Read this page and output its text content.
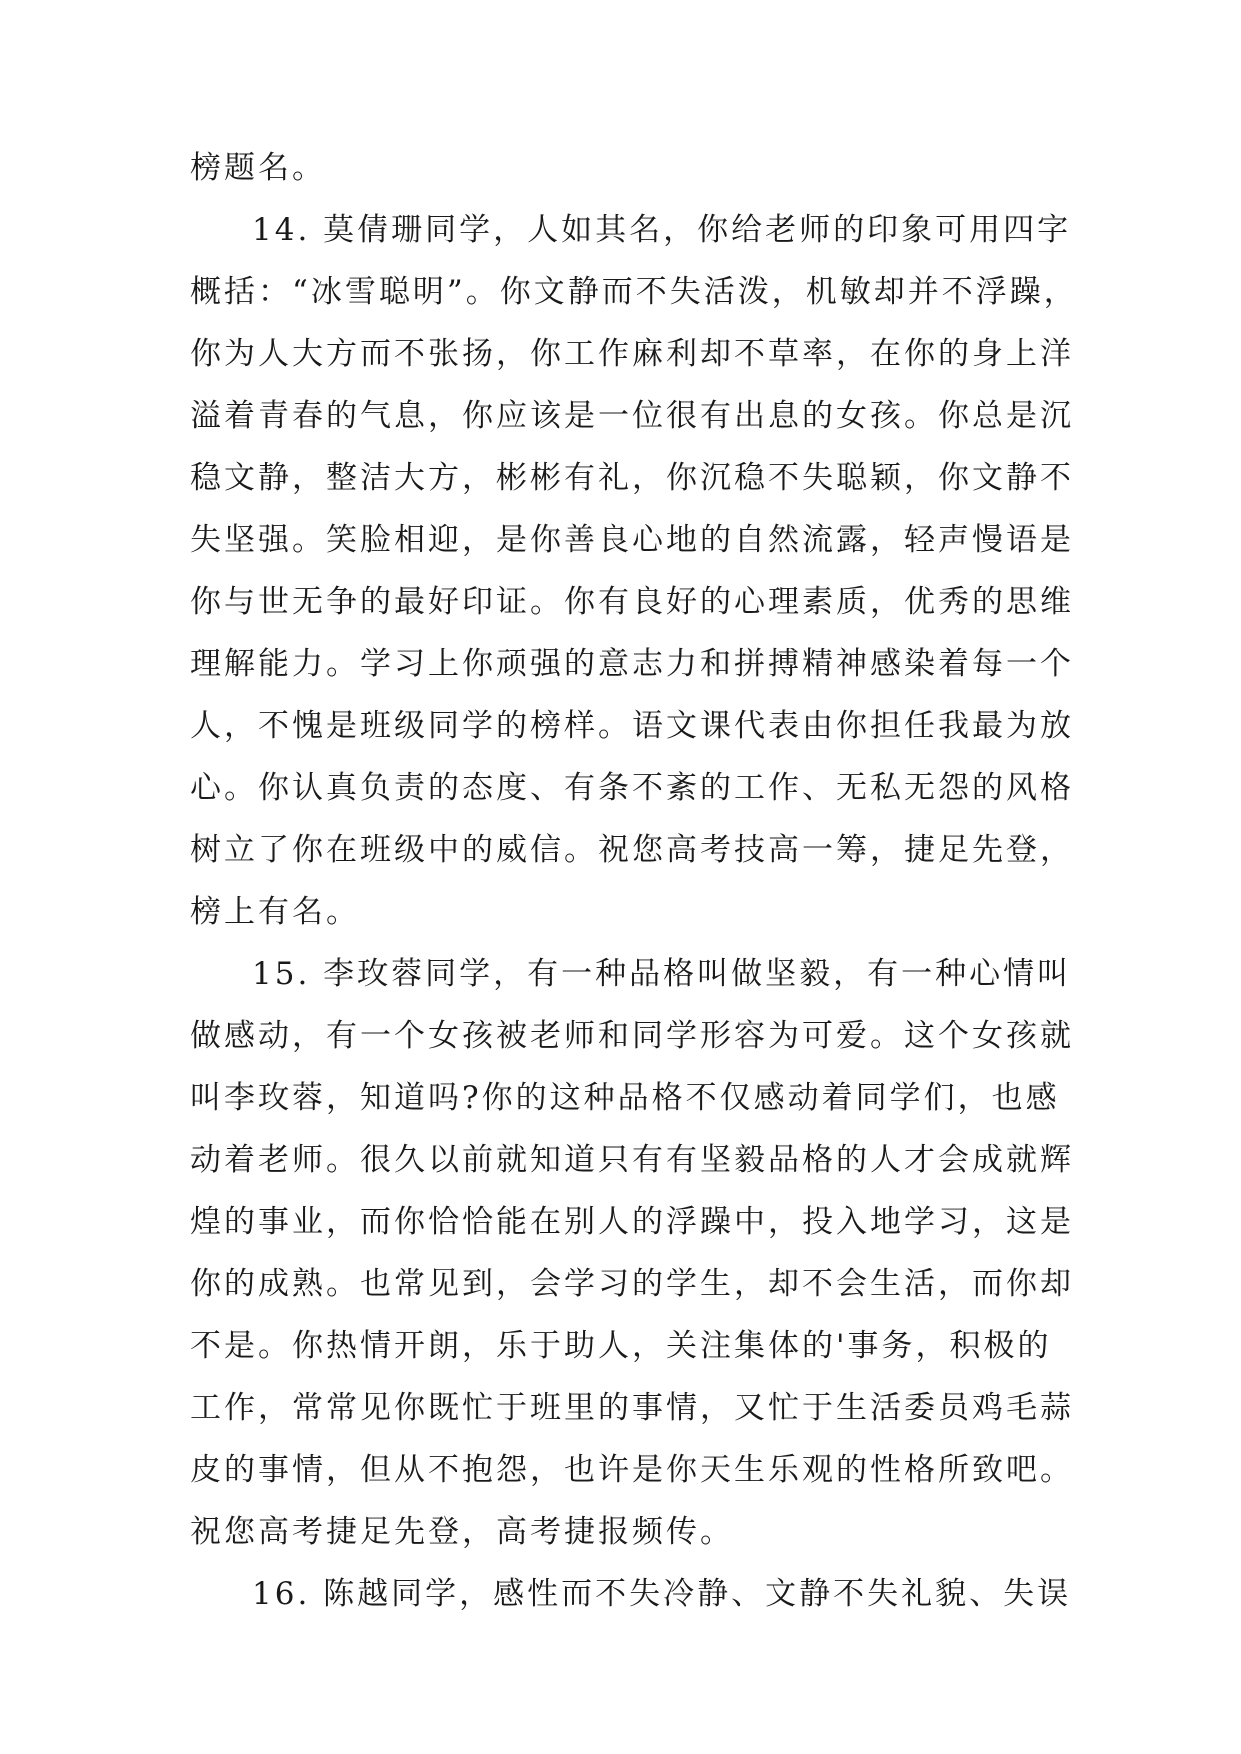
榜题名。
14. 莫倩珊同学，人如其名，你给老师的印象可用四字
概括：“冰雪聪明”。你文静而不失活泼，机敏却并不浮躁，
你为人大方而不张扬，你工作麻利却不草率，在你的身上洋
溢着青春的气息，你应该是一位很有出息的女孩。你总是沉
稳文静，整洁大方，彬彬有礼，你沉稳不失聪颖，你文静不
失坚强。笑脸相迎，是你善良心地的自然流露，轻声慢语是
你与世无争的最好印证。你有良好的心理素质，优秀的思维
理解能力。学习上你顽强的意志力和拼搏精神感染着每一个
人，不愧是班级同学的榜样。语文课代表由你担任我最为放
心。你认真负责的态度、有条不紊的工作、无私无怨的风格
树立了你在班级中的威信。祝您高考技高一筹，捷足先登，
榜上有名。
15. 李玫蓉同学，有一种品格叫做坚毅，有一种心情叫
做感动，有一个女孩被老师和同学形容为可爱。这个女孩就
叫李玫蓉，知道吗?你的这种品格不仅感动着同学们，也感
动着老师。很久以前就知道只有有坚毅品格的人才会成就辉
煌的事业，而你恰恰能在别人的浮躁中，投入地学习，这是
你的成熟。也常见到，会学习的学生，却不会生活，而你却
不是。你热情开朗，乐于助人，关注集体的'事务，积极的
工作，常常见你既忙于班里的事情，又忙于生活委员鸡毛蒜
皮的事情，但从不抱怨，也许是你天生乐观的性格所致吧。
祝您高考捷足先登，高考捷报频传。
16. 陈越同学，感性而不失冷静、文静不失礼貌、失误
